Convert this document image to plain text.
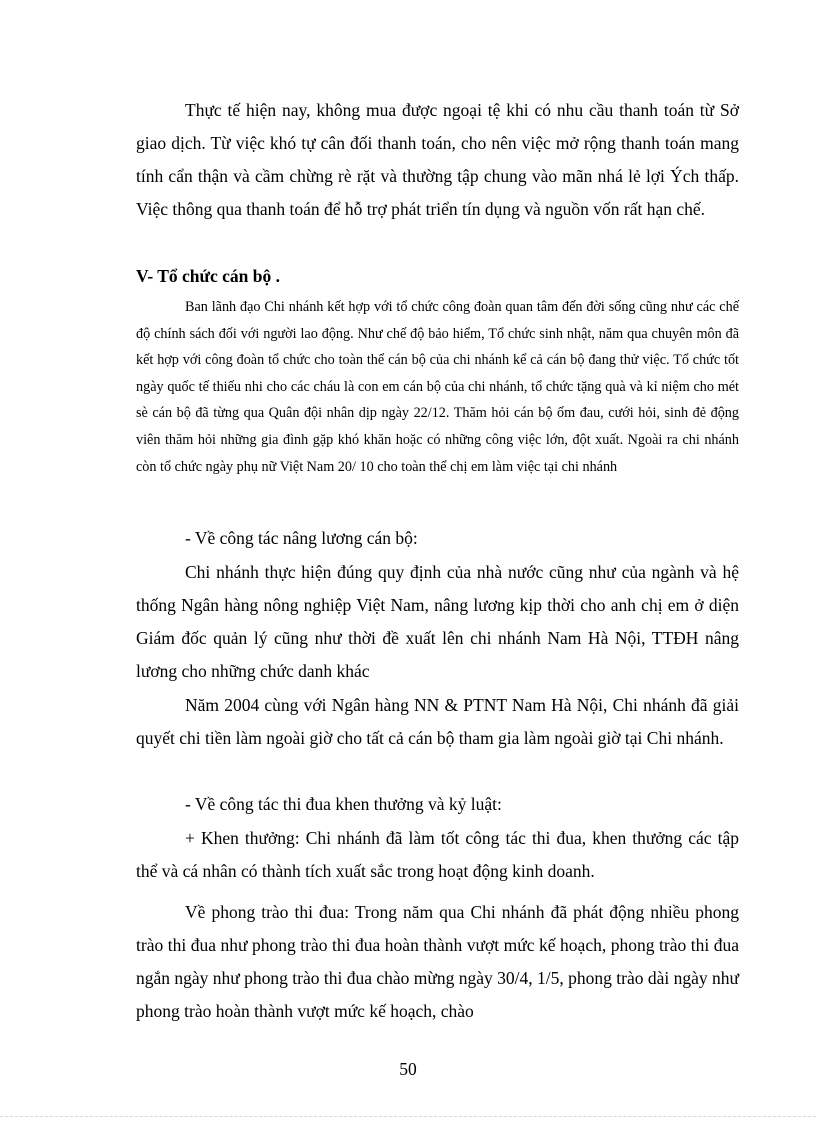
Thực tế hiện nay, không mua được ngoại tệ khi có nhu cầu thanh toán từ Sở giao dịch. Từ việc khó tự cân đối thanh toán, cho nên việc mở rộng thanh toán mang tính cẩn thận và cầm chừng rè rặt và thường tập chung vào mãn nhá lẻ lợi Ých thấp. Việc thông qua thanh toán để hỗ trợ phát triển tín dụng và nguồn vốn rất hạn chế.

V- Tổ chức cán bộ .

Ban lãnh đạo Chi nhánh kết hợp với tổ chức công đoàn quan tâm đến đời sống cũng như các chế độ chính sách đối với người lao động. Như chế độ bảo hiểm, Tổ chức sinh nhật, năm qua chuyên môn đã kết hợp với công đoàn tổ chức cho toàn thể cán bộ của chi nhánh kể cả cán bộ đang thử việc. Tổ chức tốt ngày quốc tế thiếu nhi cho các cháu là con em cán bộ của chi nhánh, tổ chức tặng quà và kỉ niệm cho mét sè cán bộ đã từng qua Quân đội nhân dịp ngày 22/12. Thăm hỏi cán bộ ốm đau, cưới hỏi, sinh đẻ động viên thăm hỏi những gia đình gặp khó khăn hoặc có những công việc lớn, đột xuất. Ngoài ra chi nhánh còn tổ chức ngày phụ nữ Việt Nam 20/ 10 cho toàn thể chị em làm việc tại chi nhánh

- Về công tác nâng lương cán bộ:

Chi nhánh thực hiện đúng quy định của nhà nước cũng như của ngành và hệ thống Ngân hàng nông nghiệp Việt Nam, nâng lương kịp thời cho anh chị em ở diện Giám đốc quản lý cũng như thời đề xuất lên chi nhánh Nam Hà Nội, TTĐH nâng lương cho những chức danh khác

Năm 2004 cùng với Ngân hàng NN & PTNT Nam Hà Nội, Chi nhánh đã giải quyết chi tiền làm ngoài giờ cho tất cả cán bộ tham gia làm ngoài giờ tại Chi nhánh.

- Về công tác thi đua khen thưởng và kỷ luật:

+ Khen thưởng: Chi nhánh đã làm tốt công tác thi đua, khen thưởng các tập thể và cá nhân có thành tích xuất sắc trong hoạt động kinh doanh.

Về phong trào thi đua: Trong năm qua Chi nhánh đã phát động nhiều phong trào thi đua như phong trào thi đua hoàn thành vượt mức kế hoạch, phong trào thi đua ngắn ngày như phong trào thi đua chào mừng ngày 30/4, 1/5, phong trào dài ngày như phong trào hoàn thành vượt mức kế hoạch, chào

50
